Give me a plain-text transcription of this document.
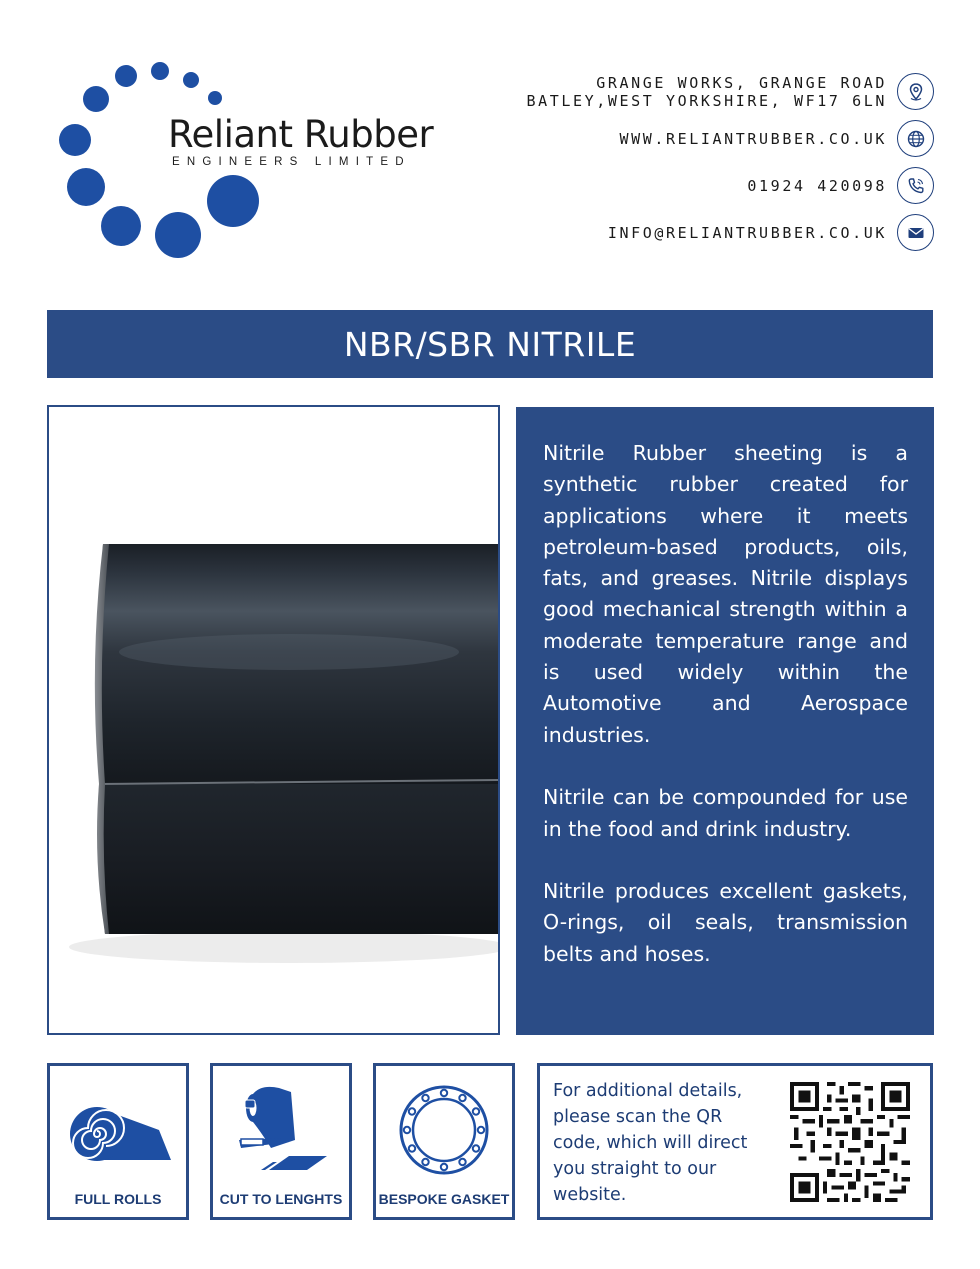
Reliant Rubber
ENGINEERS LIMITED
GRANGE WORKS, GRANGE ROAD
BATLEY,WEST YORKSHIRE, WF17 6LN
WWW.RELIANTRUBBER.CO.UK
01924 420098
INFO@RELIANTRUBBER.CO.UK
NBR/SBR NITRILE

Nitrile Rubber sheeting is a synthetic rubber created for applications where it meets petroleum-based products, oils, fats, and greases. Nitrile displays good mechanical strength within a moderate temperature range and is used widely within the Automotive and Aerospace industries.

Nitrile can be compounded for use in the food and drink industry.

Nitrile produces excellent gaskets, O-rings, oil seals, transmission belts and hoses.

FULL ROLLS	CUT TO LENGHTS	BESPOKE GASKET
For additional details, please scan the QR code, which will direct you straight to our website.
